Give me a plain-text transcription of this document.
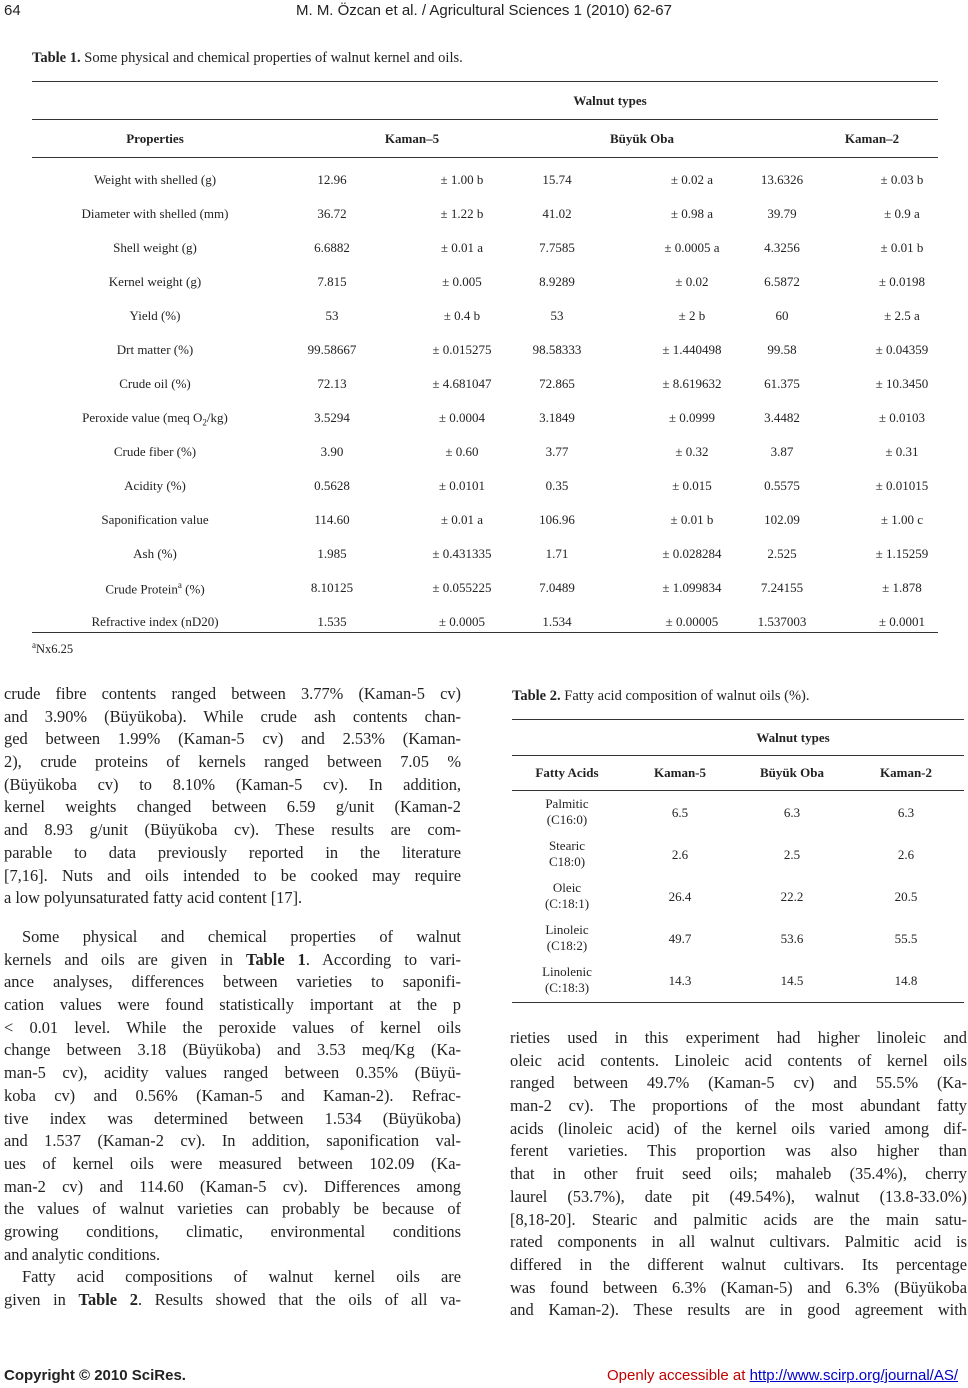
64	M. M. Özcan et al. / Agricultural Sciences 1 (2010) 62-67
Table 1. Some physical and chemical properties of walnut kernel and oils.
Walnut types
Properties	Kaman–5	Büyük Oba	Kaman–2
Weight with shelled (g)	12.96	± 1.00 b	15.74	± 0.02 a	13.6326	± 0.03 b
Diameter with shelled (mm)	36.72	± 1.22 b	41.02	± 0.98 a	39.79	± 0.9 a
Shell weight (g)	6.6882	± 0.01 a	7.7585	± 0.0005 a	4.3256	± 0.01 b
Kernel weight (g)	7.815	± 0.005	8.9289	± 0.02	6.5872	± 0.0198
Yield (%)	53	± 0.4 b	53	± 2 b	60	± 2.5 a
Drt matter (%)	99.58667	± 0.015275	98.58333	± 1.440498	99.58	± 0.04359
Crude oil (%)	72.13	± 4.681047	72.865	± 8.619632	61.375	± 10.3450
Peroxide value (meq $O_2/kg$)	3.5294	± 0.0004	3.1849	± 0.0999	3.4482	± 0.0103
Crude fiber (%)	3.90	± 0.60	3.77	± 0.32	3.87	± 0.31
Acidity (%)	0.5628	± 0.0101	0.35	± 0.015	0.5575	± 0.01015
Saponification value	114.60	± 0.01 a	106.96	± 0.01 b	102.09	± 1.00 c
Ash (%)	1.985	± 0.431335	1.71	± 0.028284	2.525	± 1.15259
Crude Protein$^a$ (%)	8.10125	± 0.055225	7.0489	± 1.099834	7.24155	± 1.878
Refractive index (nD20)	1.535	± 0.0005	1.534	± 0.00005	1.537003	± 0.0001
$^a$Nx6.25
crude fibre contents ranged between 3.77% (Kaman-5 cv)
and 3.90% (Büyükoba). While crude ash contents chan-
ged between 1.99% (Kaman-5 cv) and 2.53% (Kaman-
2), crude proteins of kernels ranged between 7.05 %
(Büyükoba cv) to 8.10% (Kaman-5 cv). In addition,
kernel weights changed between 6.59 g/unit (Kaman-2
and 8.93 g/unit (Büyükoba cv). These results are com-
parable to data previously reported in the literature
[7,16]. Nuts and oils intended to be cooked may require
a low polyunsaturated fatty acid content [17].
Some physical and chemical properties of walnut
kernels and oils are given in Table 1. According to vari-
ance analyses, differences between varieties to saponifi-
cation values were found statistically important at the p
< 0.01 level. While the peroxide values of kernel oils
change between 3.18 (Büyükoba) and 3.53 meq/Kg (Ka-
man-5 cv), acidity values ranged between 0.35% (Büyü-
koba cv) and 0.56% (Kaman-5 and Kaman-2). Refrac-
tive index was determined between 1.534 (Büyükoba)
and 1.537 (Kaman-2 cv). In addition, saponification val-
ues of kernel oils were measured between 102.09 (Ka-
man-2 cv) and 114.60 (Kaman-5 cv). Differences among
the values of walnut varieties can probably be because of
growing conditions, climatic, environmental conditions
and analytic conditions.
Fatty acid compositions of walnut kernel oils are
given in Table 2. Results showed that the oils of all va-
Table 2. Fatty acid composition of walnut oils (%).
Walnut types
Fatty Acids	Kaman-5	Büyük Oba	Kaman-2
Palmitic
(C16:0)	6.5	6.3	6.3
Stearic
C18:0)	2.6	2.5	2.6
Oleic
(C:18:1)	26.4	22.2	20.5
Linoleic
(C18:2)	49.7	53.6	55.5
Linolenic
(C:18:3)	14.3	14.5	14.8
rieties used in this experiment had higher linoleic and
oleic acid contents. Linoleic acid contents of kernel oils
ranged between 49.7% (Kaman-5 cv) and 55.5% (Ka-
man-2 cv). The proportions of the most abundant fatty
acids (linoleic acid) of the kernel oils varied among dif-
ferent varieties. This proportion was also higher than
that in other fruit seed oils; mahaleb (35.4%), cherry
laurel (53.7%), date pit (49.54%), walnut (13.8-33.0%)
[8,18-20]. Stearic and palmitic acids are the main satu-
rated components in all walnut cultivars. Palmitic acid is
differed in the different walnut cultivars. Its percentage
was found between 6.3% (Kaman-5) and 6.3% (Büyükoba
and Kaman-2). These results are in good agreement with
Copyright © 2010 SciRes.	Openly accessible at http://www.scirp.org/journal/AS/
